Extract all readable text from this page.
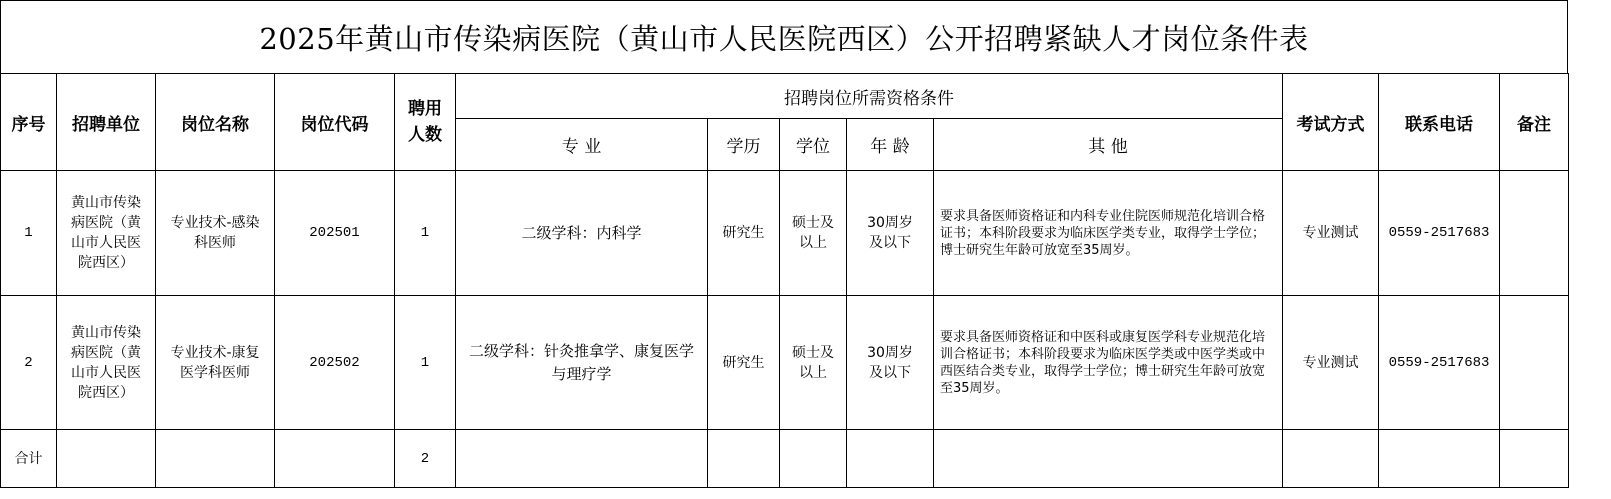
2025年黄山市传染病医院（黄山市人民医院西区）公开招聘紧缺人才岗位条件表
序号	招聘单位	岗位名称	岗位代码	聘用人数	招聘岗位所需资格条件					考试方式	联系电话	备注
					专 业	学历	学位	年 龄	其 他			
1	黄山市传染病医院（黄山市人民医院西区）	专业技术-感染科医师	202501	1	二级学科：内科学	研究生	硕士及以上	30周岁及以下	要求具备医师资格证和内科专业住院医师规范化培训合格证书；本科阶段要求为临床医学类专业，取得学士学位；博士研究生年龄可放宽至35周岁。	专业测试	0559-2517683	
2	黄山市传染病医院（黄山市人民医院西区）	专业技术-康复医学科医师	202502	1	二级学科：针灸推拿学、康复医学与理疗学	研究生	硕士及以上	30周岁及以下	要求具备医师资格证和中医科或康复医学科专业规范化培训合格证书；本科阶段要求为临床医学类或中医学类或中西医结合类专业，取得学士学位；博士研究生年龄可放宽至35周岁。	专业测试	0559-2517683	
合计				2								
